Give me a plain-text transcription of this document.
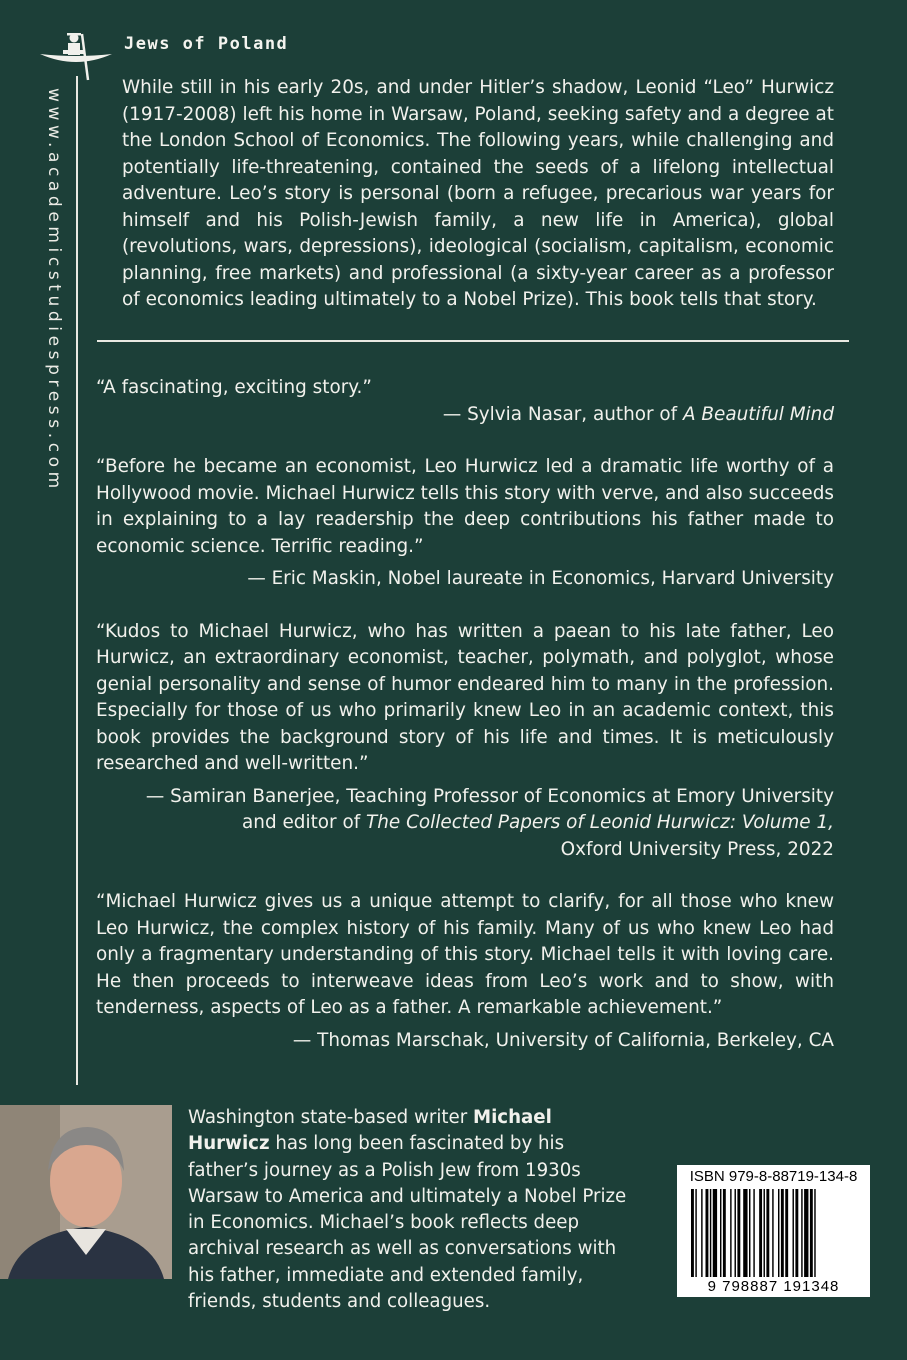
Jews of Poland
www.academicstudiespress.com
While still in his early 20s, and under Hitler’s shadow, Leonid “Leo” Hurwicz (1917-2008) left his home in Warsaw, Poland, seeking safety and a degree at the London School of Economics. The following years, while challenging and potentially life-threatening, contained the seeds of a lifelong intellectual adventure. Leo’s story is personal (born a refugee, precarious war years for himself and his Polish-Jewish family, a new life in America), global (revolutions, wars, depressions), ideological (socialism, capitalism, economic planning, free markets) and professional (a sixty-year career as a professor of economics leading ultimately to a Nobel Prize). This book tells that story.

“A fascinating, exciting story.”

— Sylvia Nasar, author of A Beautiful Mind

“Before he became an economist, Leo Hurwicz led a dramatic life worthy of a Hollywood movie. Michael Hurwicz tells this story with verve, and also succeeds in explaining to a lay readership the deep contributions his father made to economic science. Terrific reading.”

— Eric Maskin, Nobel laureate in Economics, Harvard University

“Kudos to Michael Hurwicz, who has written a paean to his late father, Leo Hurwicz, an extraordinary economist, teacher, polymath, and polyglot, whose genial personality and sense of humor endeared him to many in the profession. Especially for those of us who primarily knew Leo in an academic context, this book provides the background story of his life and times. It is meticulously researched and well-written.”

— Samiran Banerjee, Teaching Professor of Economics at Emory University
and editor of The Collected Papers of Leonid Hurwicz: Volume 1,
Oxford University Press, 2022

“Michael Hurwicz gives us a unique attempt to clarify, for all those who knew Leo Hurwicz, the complex history of his family. Many of us who knew Leo had only a fragmentary understanding of this story. Michael tells it with loving care. He then proceeds to interweave ideas from Leo’s work and to show, with tenderness, aspects of Leo as a father. A remarkable achievement.”

— Thomas Marschak, University of California, Berkeley, CA

Washington state-based writer Michael Hurwicz has long been fascinated by his father’s journey as a Polish Jew from 1930s Warsaw to America and ultimately a Nobel Prize in Economics. Michael’s book reflects deep archival research as well as conversations with his father, immediate and extended family, friends, students and colleagues.
ISBN 979-8-88719-134-8
9 798887 191348
